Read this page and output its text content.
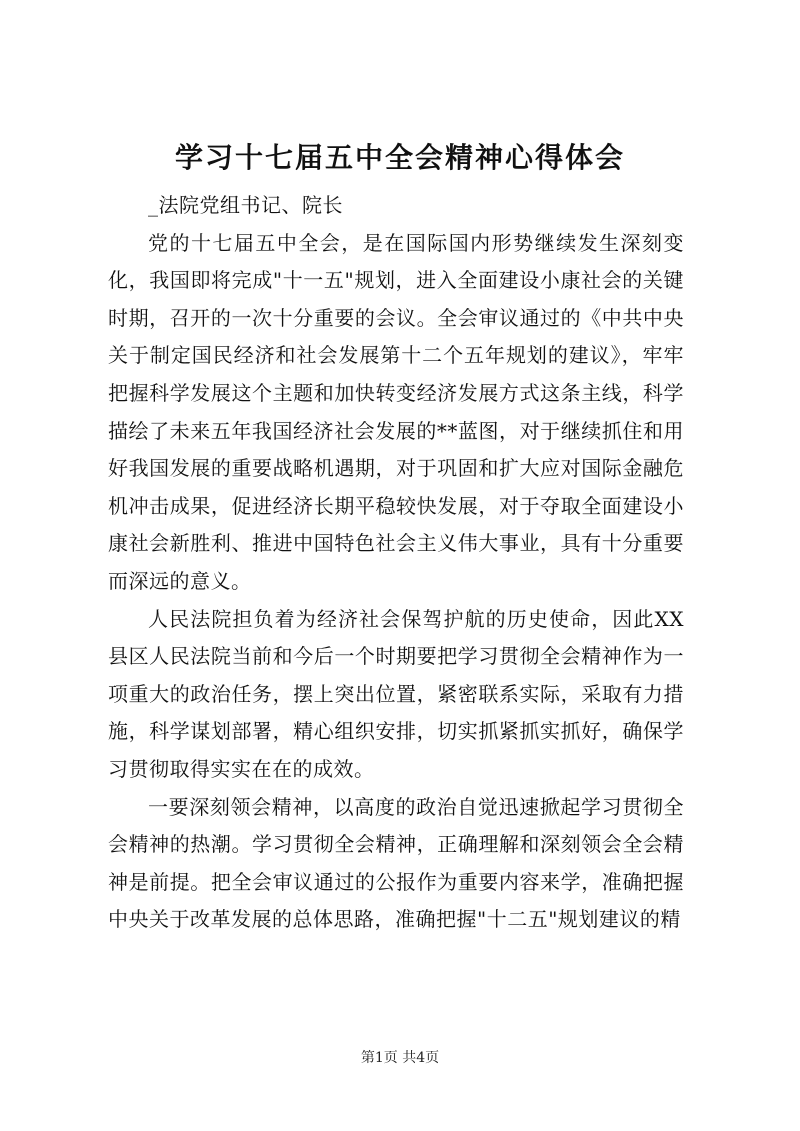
学习十七届五中全会精神心得体会

_法院党组书记、院长

党的十七届五中全会，是在国际国内形势继续发生深刻变化，我国即将完成"十一五"规划，进入全面建设小康社会的关键时期，召开的一次十分重要的会议。全会审议通过的《中共中央关于制定国民经济和社会发展第十二个五年规划的建议》，牢牢把握科学发展这个主题和加快转变经济发展方式这条主线，科学描绘了未来五年我国经济社会发展的**蓝图，对于继续抓住和用好我国发展的重要战略机遇期，对于巩固和扩大应对国际金融危机冲击成果，促进经济长期平稳较快发展，对于夺取全面建设小康社会新胜利、推进中国特色社会主义伟大事业，具有十分重要而深远的意义。

人民法院担负着为经济社会保驾护航的历史使命，因此XX县区人民法院当前和今后一个时期要把学习贯彻全会精神作为一项重大的政治任务，摆上突出位置，紧密联系实际，采取有力措施，科学谋划部署，精心组织安排，切实抓紧抓实抓好，确保学习贯彻取得实实在在的成效。

一要深刻领会精神，以高度的政治自觉迅速掀起学习贯彻全会精神的热潮。学习贯彻全会精神，正确理解和深刻领会全会精神是前提。把全会审议通过的公报作为重要内容来学，准确把握中央关于改革发展的总体思路，准确把握"十二五"规划建议的精

第1页 共4页
